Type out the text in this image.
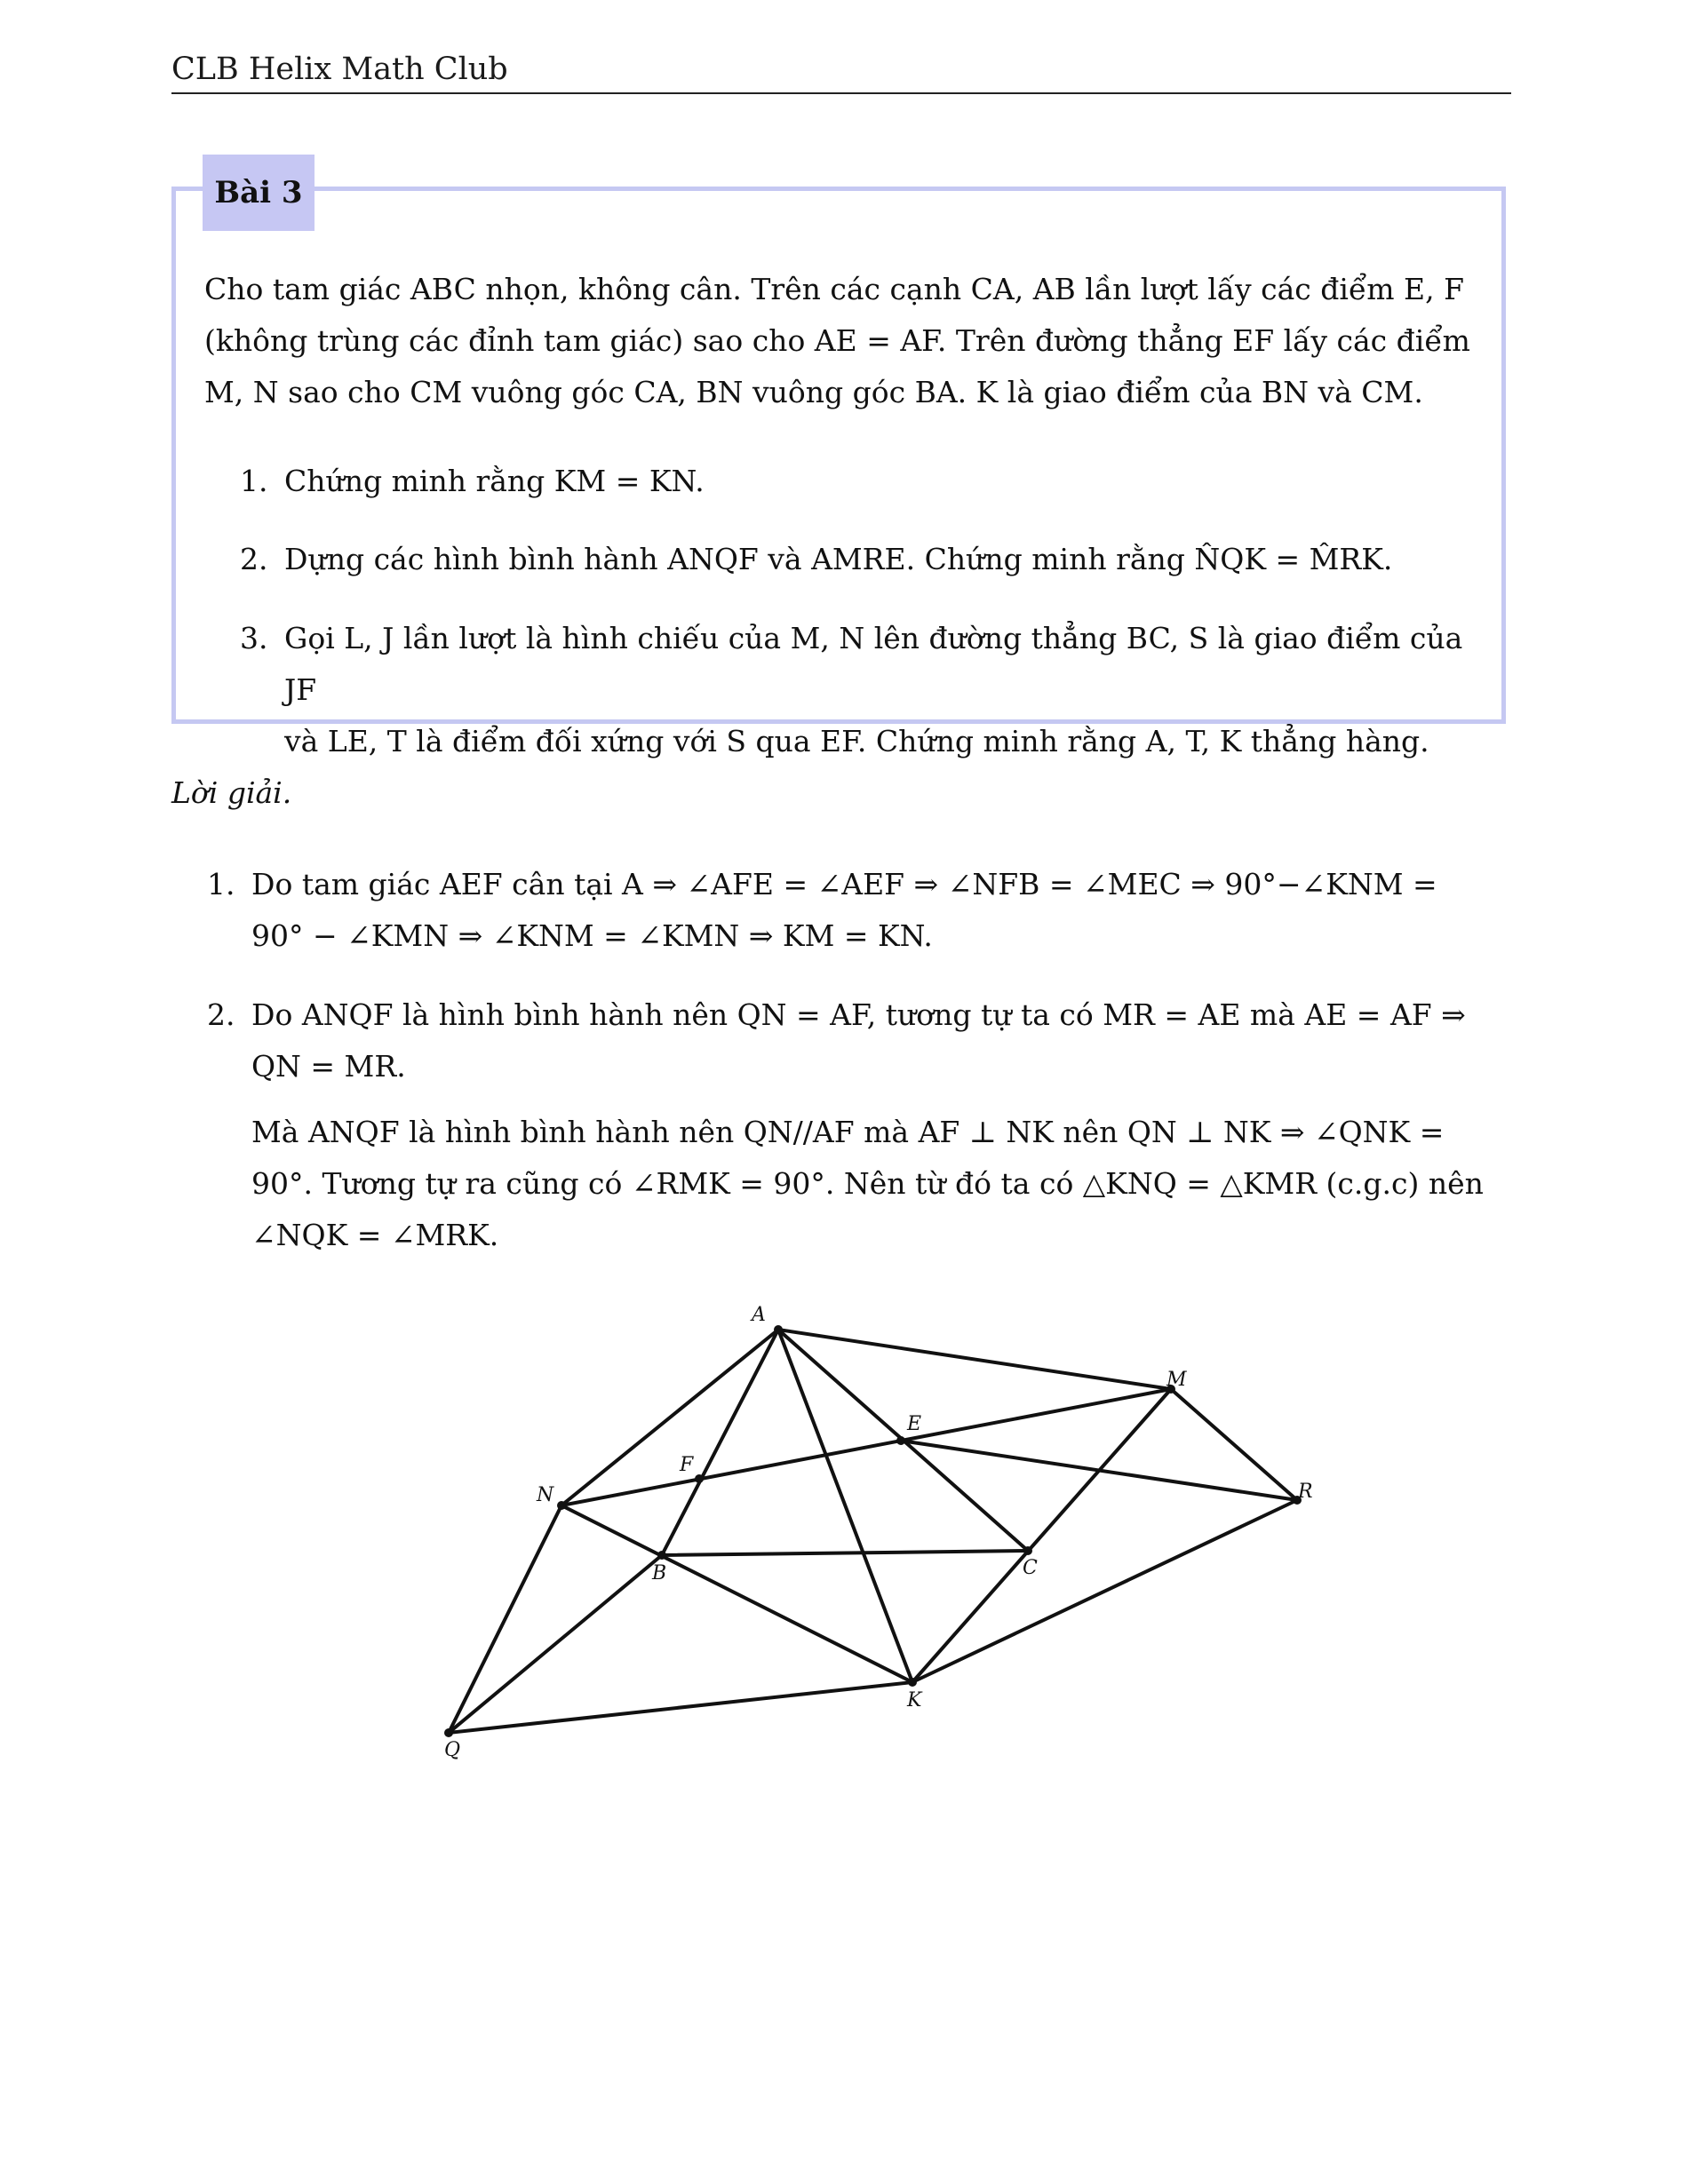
CLB Helix Math Club
Bài 3
Cho tam giác ABC nhọn, không cân. Trên các cạnh CA, AB lần lượt lấy các điểm E, F
(không trùng các đỉnh tam giác) sao cho AE = AF. Trên đường thẳng EF lấy các điểm
M, N sao cho CM vuông góc CA, BN vuông góc BA. K là giao điểm của BN và CM.
1. Chứng minh rằng KM = KN.
2. Dựng các hình bình hành ANQF và AMRE. Chứng minh rằng N̂QK = M̂RK.
3. Gọi L, J lần lượt là hình chiếu của M, N lên đường thẳng BC, S là giao điểm của JF
và LE, T là điểm đối xứng với S qua EF. Chứng minh rằng A, T, K thẳng hàng.
Lời giải.
1. Do tam giác AEF cân tại A ⇒ ∠AFE = ∠AEF ⇒ ∠NFB = ∠MEC ⇒ 90°−∠KNM =
90° − ∠KMN ⇒ ∠KNM = ∠KMN ⇒ KM = KN.
2. Do ANQF là hình bình hành nên QN = AF, tương tự ta có MR = AE mà AE = AF ⇒
QN = MR.
Mà ANQF là hình bình hành nên QN//AF mà AF ⊥ NK nên QN ⊥ NK ⇒ ∠QNK =
90°. Tương tự ra cũng có ∠RMK = 90°. Nên từ đó ta có △KNQ = △KMR (c.g.c) nên
∠NQK = ∠MRK.
A
M
E
F
N	R
B	C
K
Q
